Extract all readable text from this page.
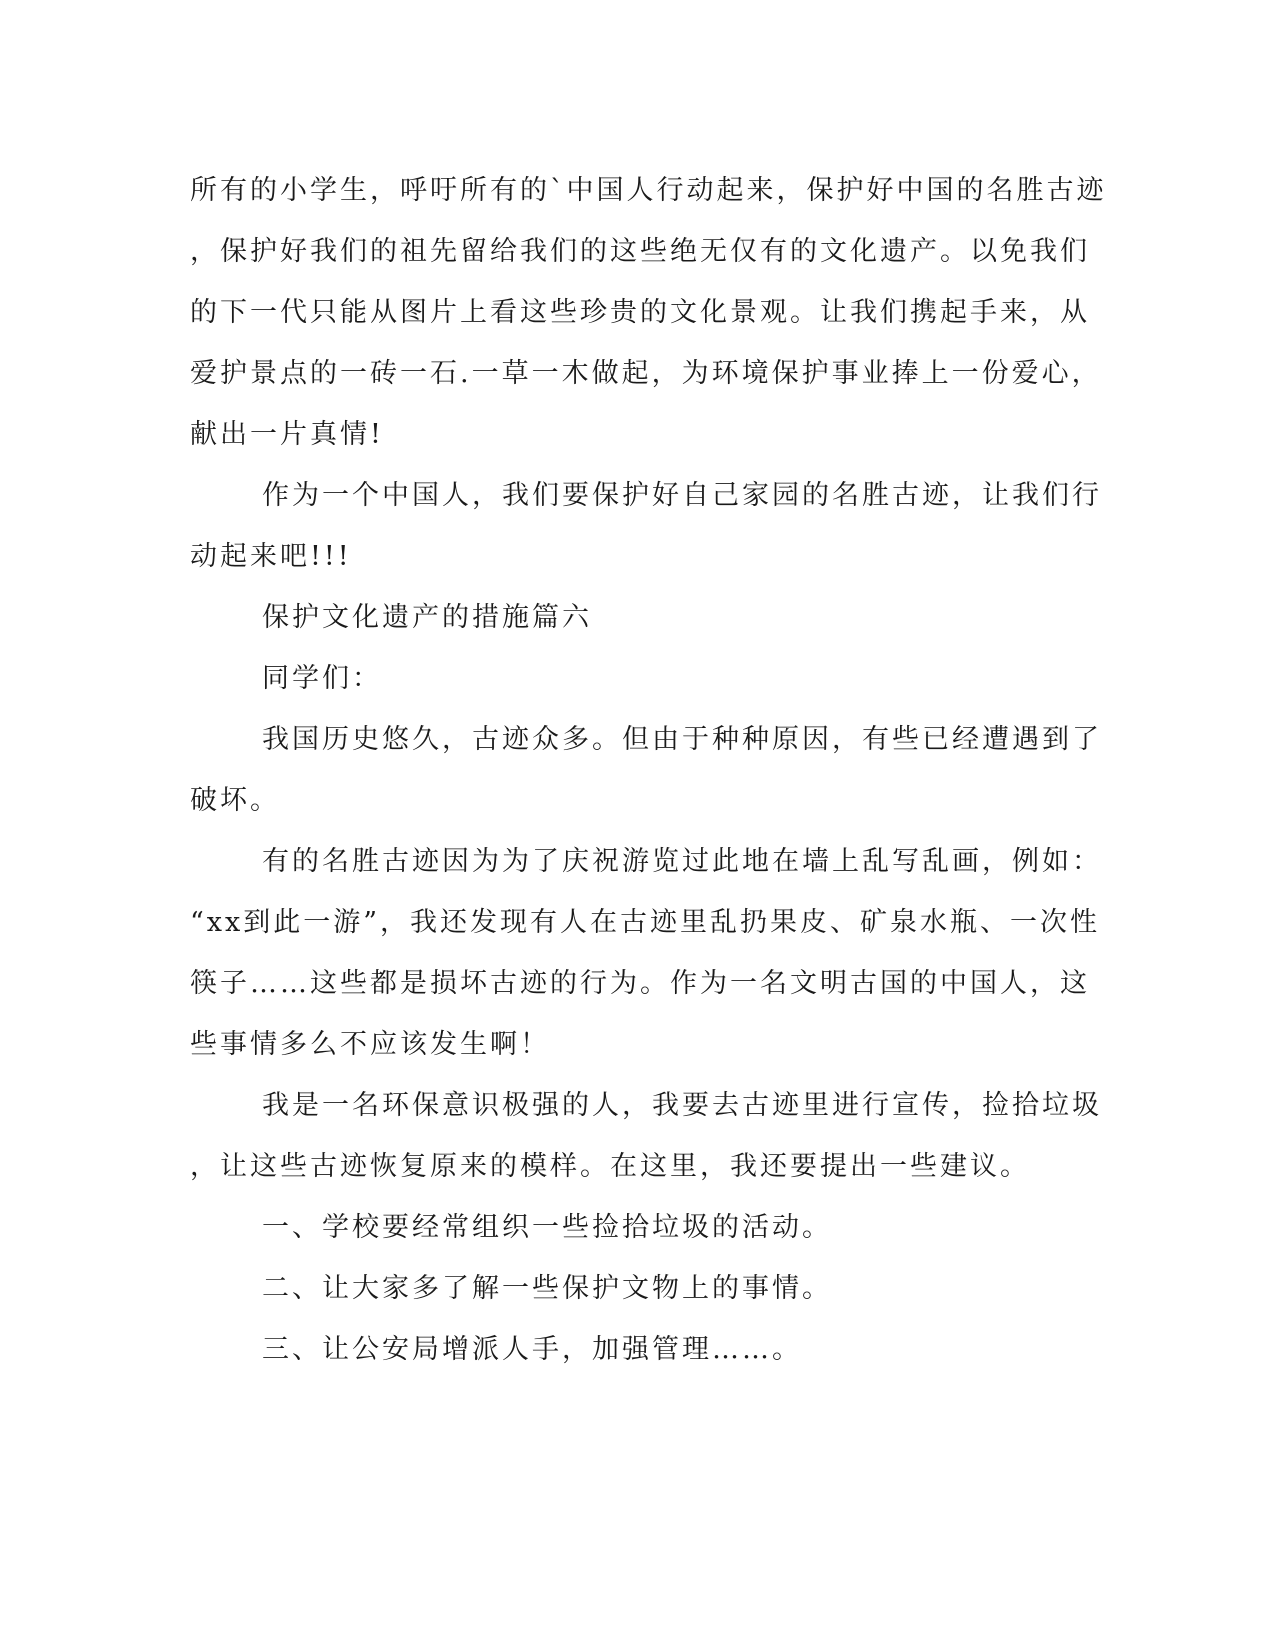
所有的小学生，呼吁所有的`中国人行动起来，保护好中国的名胜古迹
，保护好我们的祖先留给我们的这些绝无仅有的文化遗产。以免我们
的下一代只能从图片上看这些珍贵的文化景观。让我们携起手来，从
爱护景点的一砖一石.一草一木做起，为环境保护事业捧上一份爱心，
献出一片真情!
作为一个中国人，我们要保护好自己家园的名胜古迹，让我们行
动起来吧!!!
保护文化遗产的措施篇六
同学们：
我国历史悠久，古迹众多。但由于种种原因，有些已经遭遇到了
破坏。
有的名胜古迹因为为了庆祝游览过此地在墙上乱写乱画，例如：
“xx到此一游”，我还发现有人在古迹里乱扔果皮、矿泉水瓶、一次性
筷子……这些都是损坏古迹的行为。作为一名文明古国的中国人，这
些事情多么不应该发生啊！
我是一名环保意识极强的人，我要去古迹里进行宣传，捡拾垃圾
，让这些古迹恢复原来的模样。在这里，我还要提出一些建议。
一、学校要经常组织一些捡拾垃圾的活动。
二、让大家多了解一些保护文物上的事情。
三、让公安局增派人手，加强管理……。
